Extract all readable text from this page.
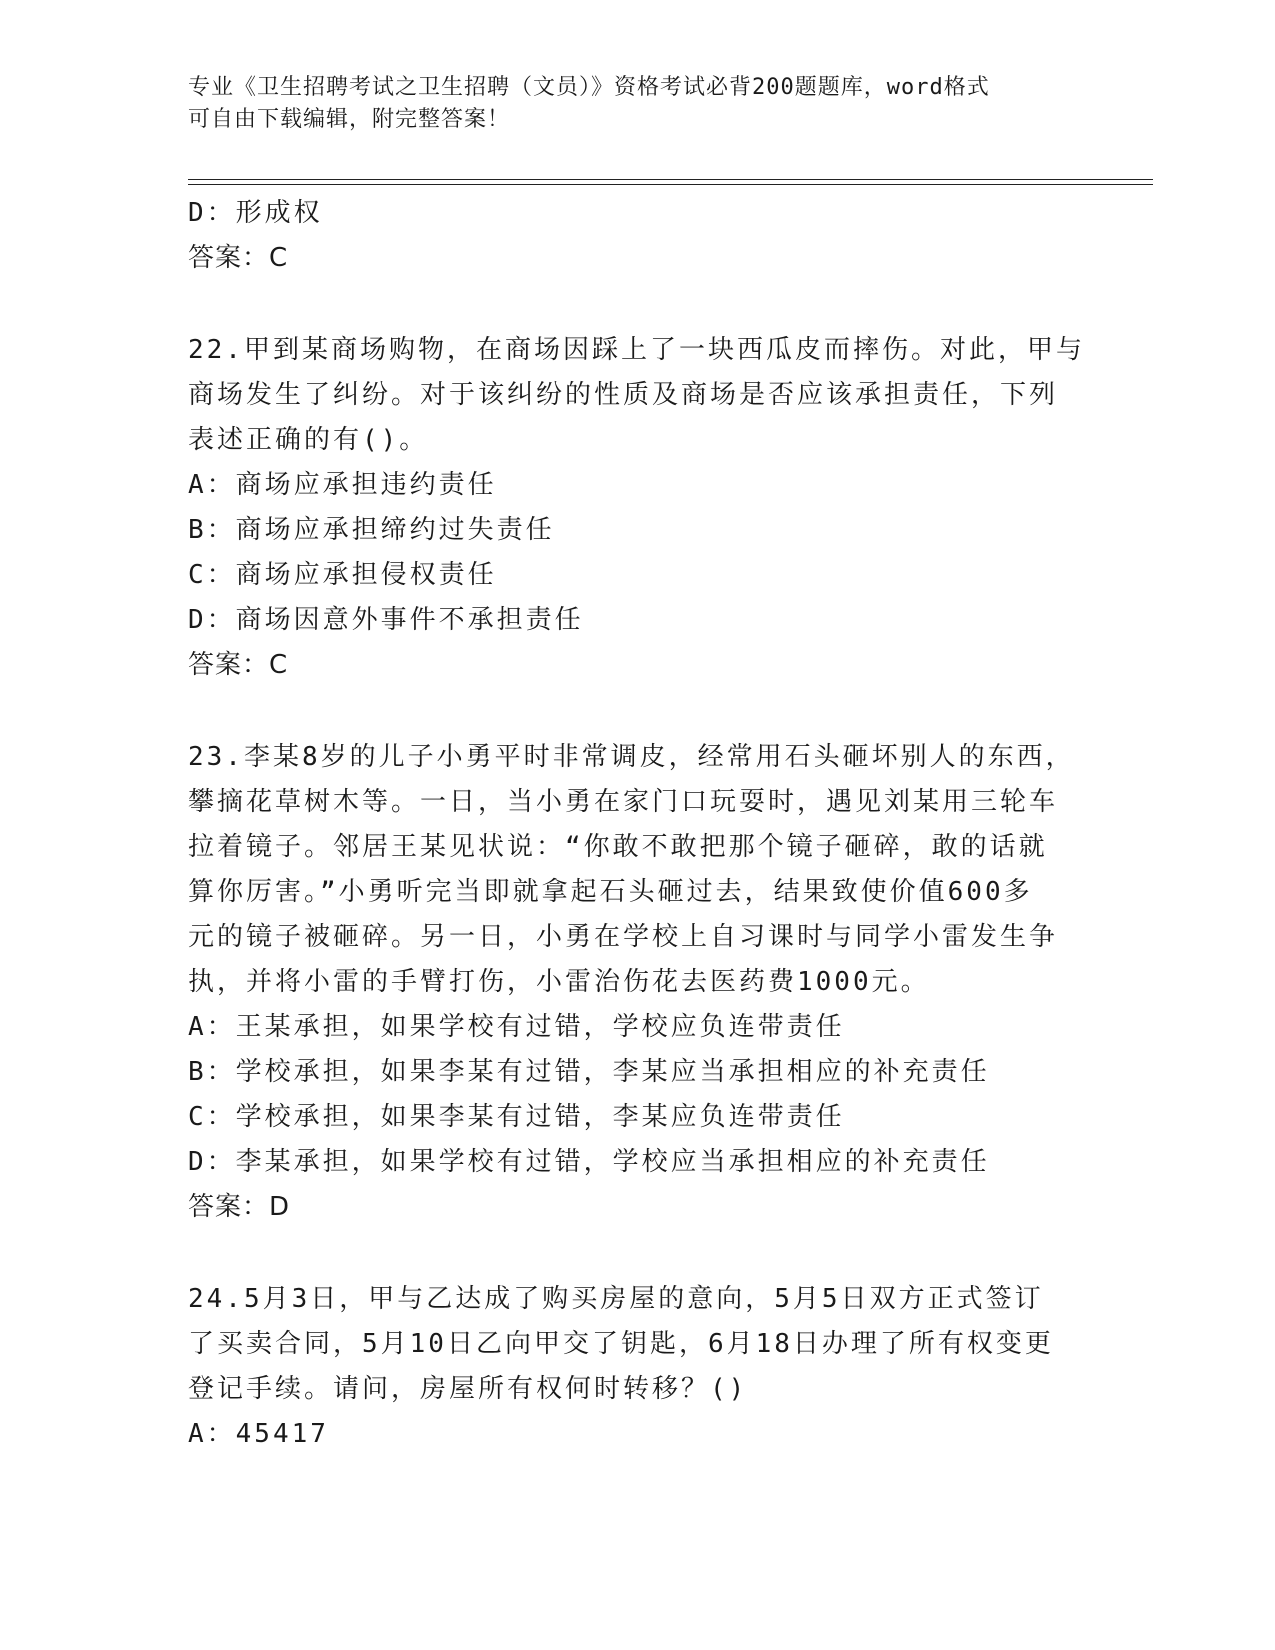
专业《卫生招聘考试之卫生招聘（文员）》资格考试必背200题题库，word格式
可自由下载编辑，附完整答案！
D：形成权
答案：C
22.甲到某商场购物，在商场因踩上了一块西瓜皮而摔伤。对此，甲与
商场发生了纠纷。对于该纠纷的性质及商场是否应该承担责任，下列
表述正确的有()。
A：商场应承担违约责任
B：商场应承担缔约过失责任
C：商场应承担侵权责任
D：商场因意外事件不承担责任
答案：C
23.李某8岁的儿子小勇平时非常调皮，经常用石头砸坏别人的东西，
攀摘花草树木等。一日，当小勇在家门口玩耍时，遇见刘某用三轮车
拉着镜子。邻居王某见状说：“你敢不敢把那个镜子砸碎，敢的话就
算你厉害。”小勇听完当即就拿起石头砸过去，结果致使价值600多
元的镜子被砸碎。另一日，小勇在学校上自习课时与同学小雷发生争
执，并将小雷的手臂打伤，小雷治伤花去医药费1000元。
A：王某承担，如果学校有过错，学校应负连带责任
B：学校承担，如果李某有过错，李某应当承担相应的补充责任
C：学校承担，如果李某有过错，李某应负连带责任
D：李某承担，如果学校有过错，学校应当承担相应的补充责任
答案：D
24.5月3日，甲与乙达成了购买房屋的意向，5月5日双方正式签订
了买卖合同，5月10日乙向甲交了钥匙，6月18日办理了所有权变更
登记手续。请问，房屋所有权何时转移？()
A：45417
